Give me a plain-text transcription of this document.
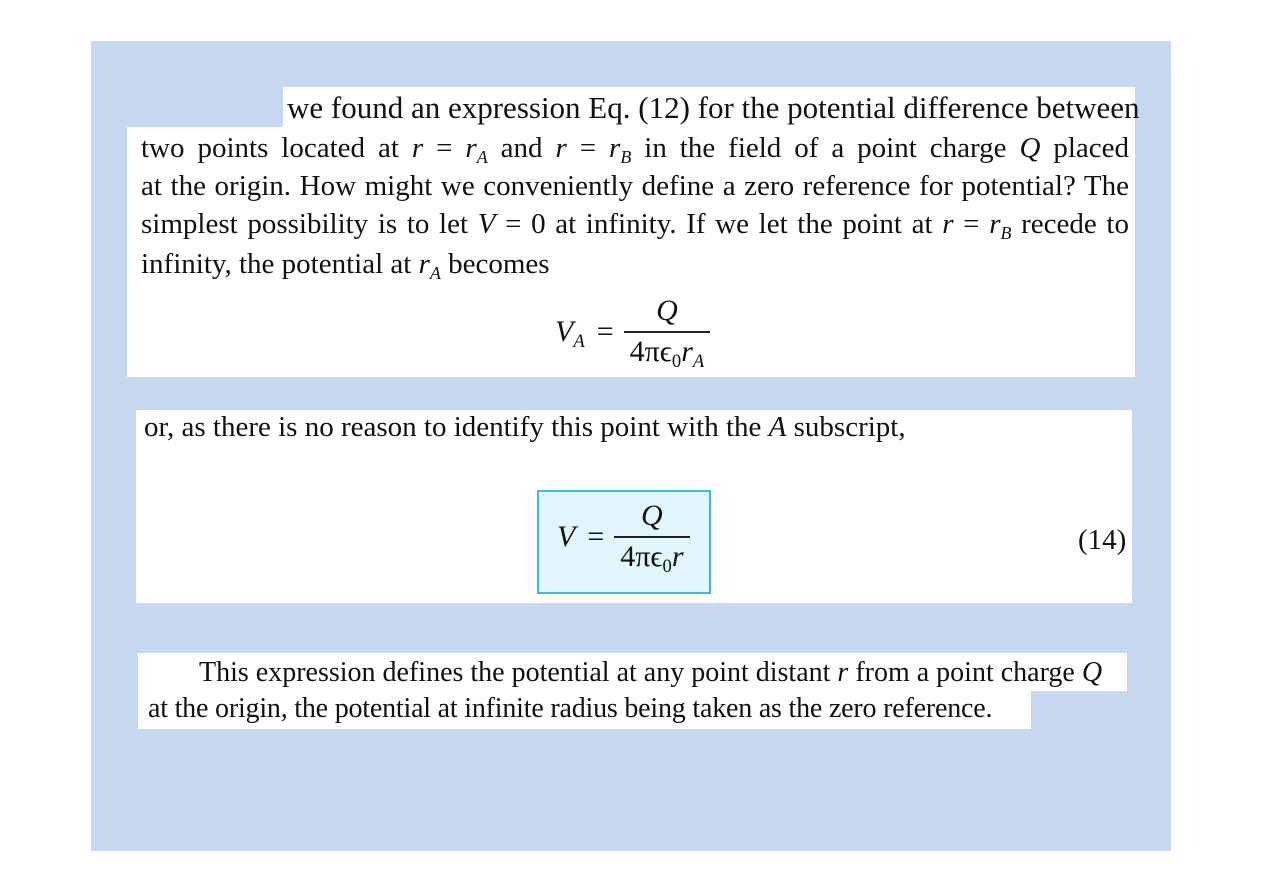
we found an expression Eq. (12) for the potential difference between
two points located at $r = r_A$ and $r = r_B$ in the field of a point charge Q placed
at the origin. How might we conveniently define a zero reference for potential? The
simplest possibility is to let V = 0 at infinity. If we let the point at $r = r_B$ recede to
infinity, the potential at $r_A$ becomes
$V_A = \frac{Q}{4\pi\epsilon_0r_A}$
or, as there is no reason to identify this point with the A subscript,
$V = \frac{Q}{4\pi\epsilon_0r}$	(14)
This expression defines the potential at any point distant r from a point charge Q
at the origin, the potential at infinite radius being taken as the zero reference.
